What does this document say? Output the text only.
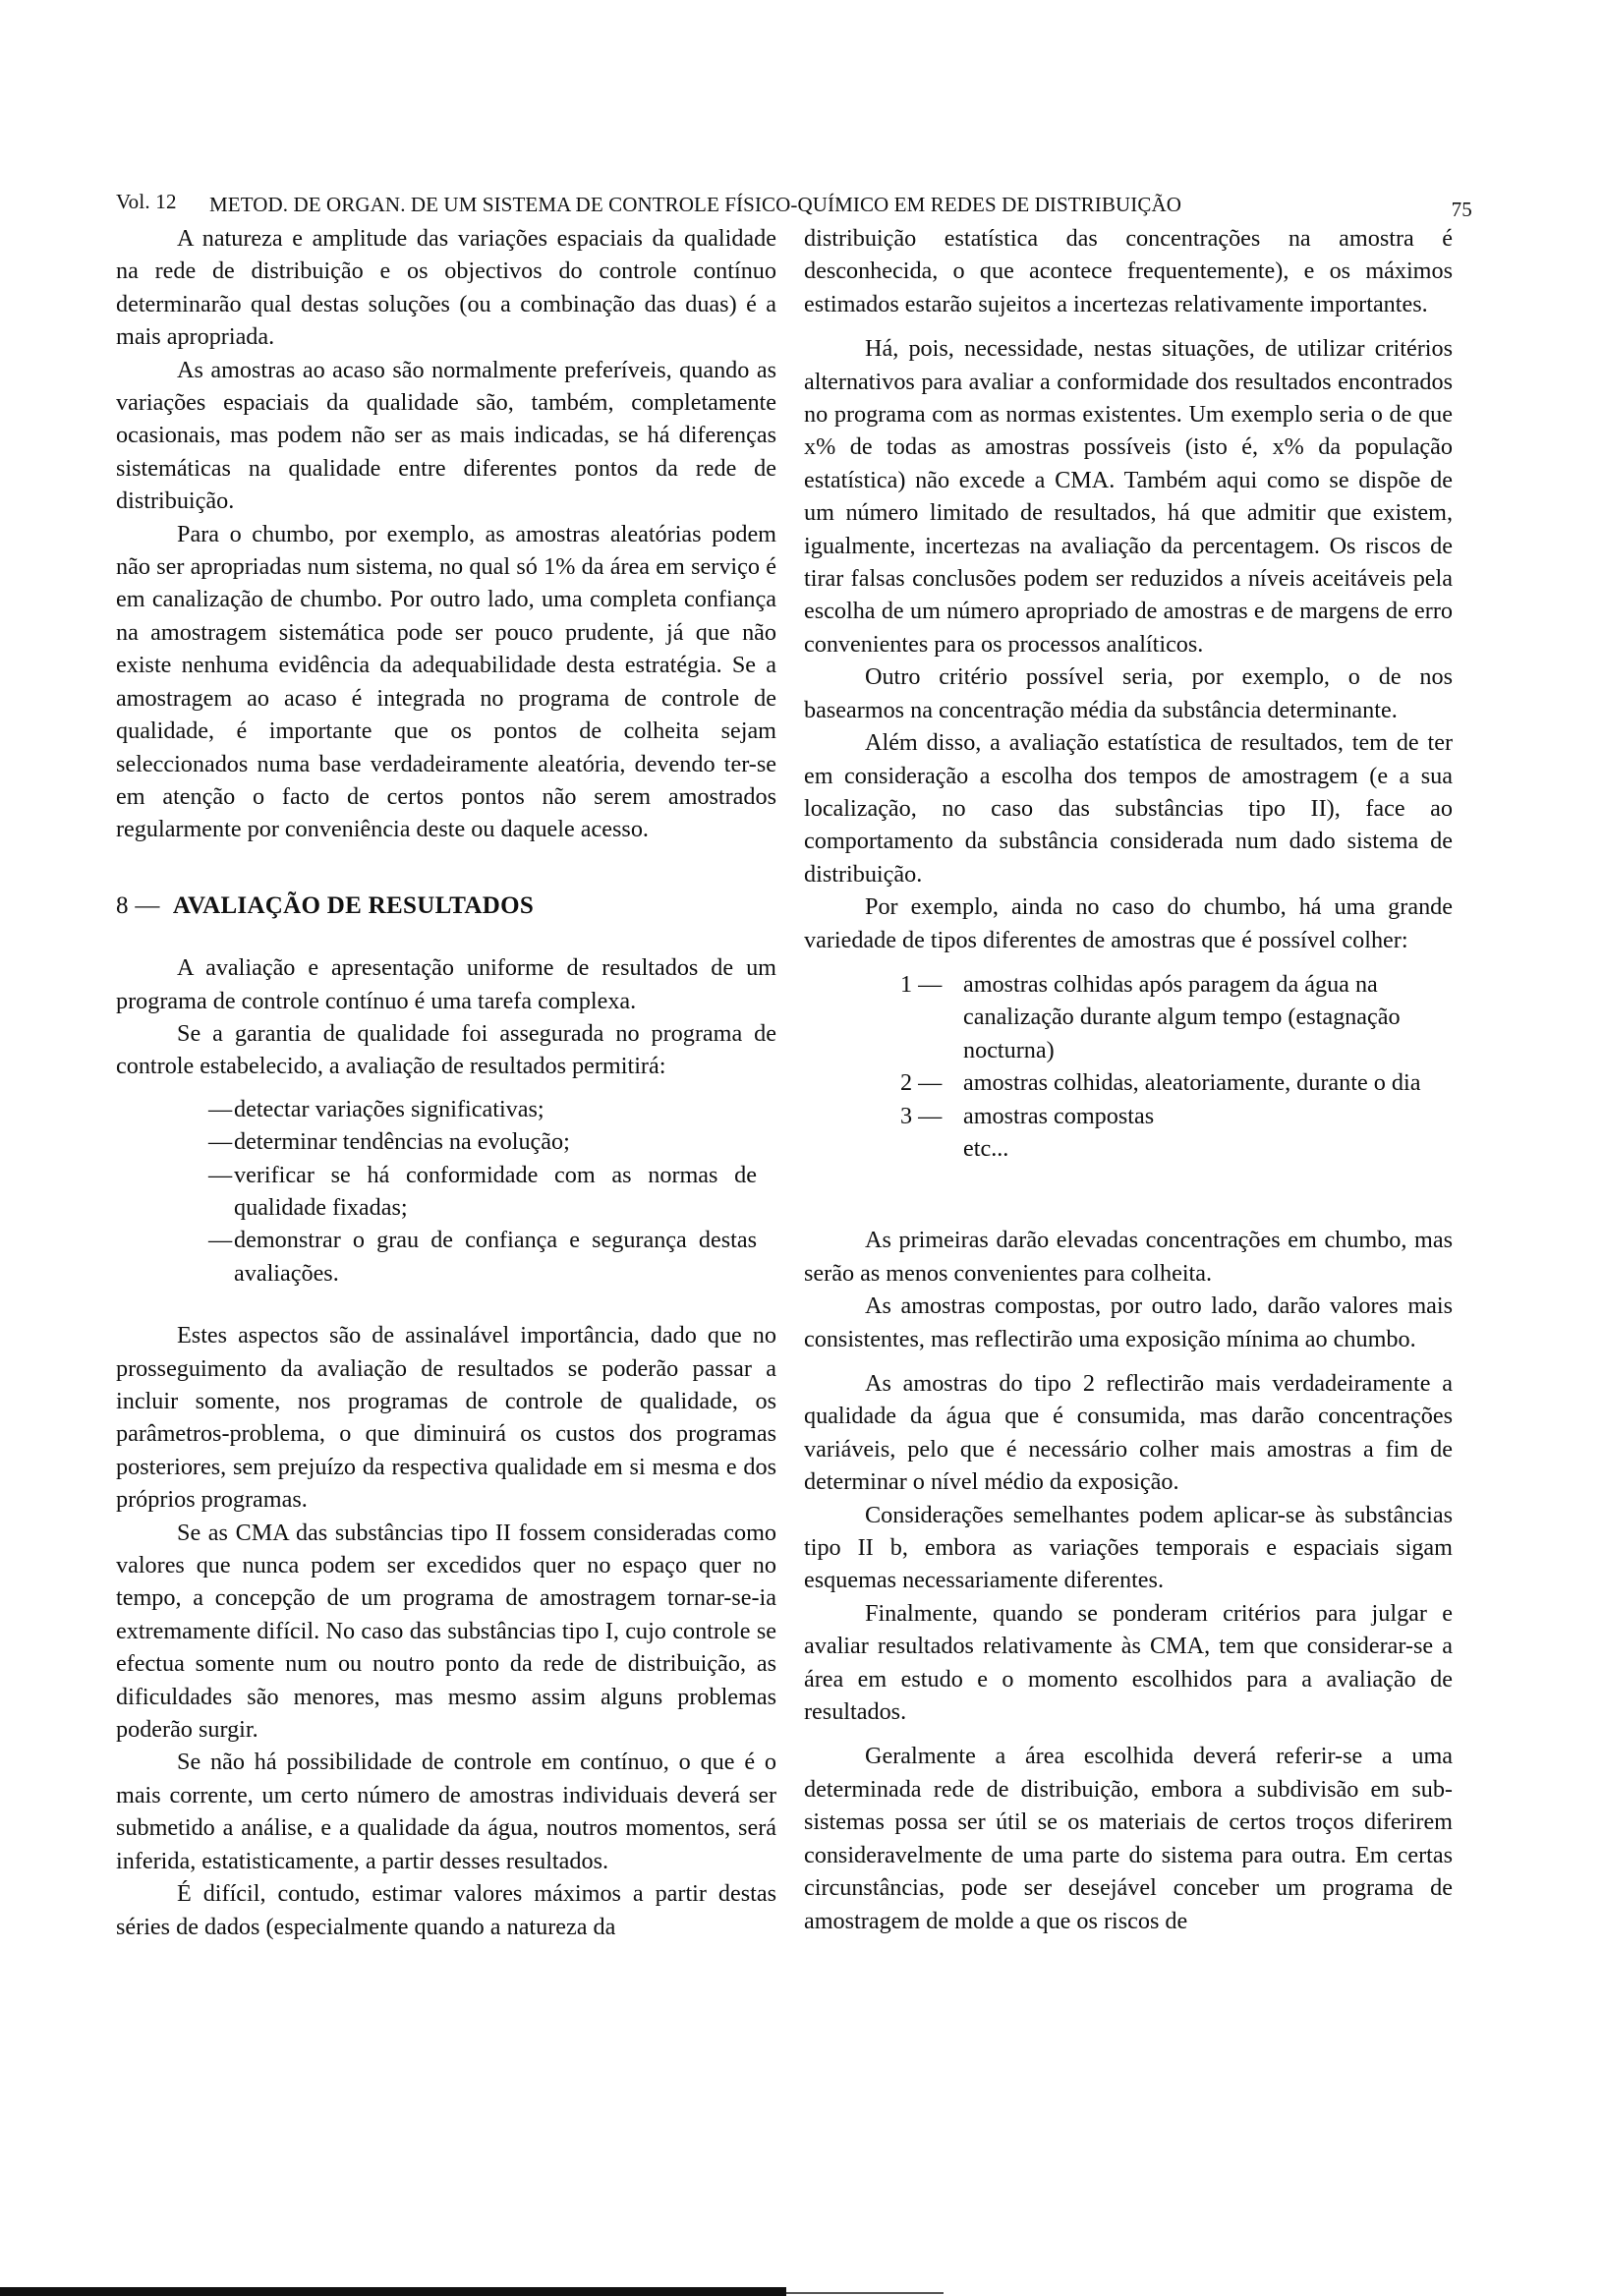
Vol. 12 METOD. DE ORGAN. DE UM SISTEMA DE CONTROLE FÍSICO-QUÍMICO EM REDES DE DISTRIBUIÇÃO	75

A natureza e amplitude das variações espaciais da qualidade na rede de distribuição e os objectivos do controle contínuo determinarão qual destas soluções (ou a combinação das duas) é a mais apropriada.

As amostras ao acaso são normalmente preferíveis, quando as variações espaciais da qualidade são, também, completamente ocasionais, mas podem não ser as mais indicadas, se há diferenças sistemáticas na qualidade entre diferentes pontos da rede de distribuição.

Para o chumbo, por exemplo, as amostras aleatórias podem não ser apropriadas num sistema, no qual só 1% da área em serviço é em canalização de chumbo. Por outro lado, uma completa confiança na amostragem sistemática pode ser pouco prudente, já que não existe nenhuma evidência da adequabilidade desta estratégia. Se a amostragem ao acaso é integrada no programa de controle de qualidade, é importante que os pontos de colheita sejam seleccionados numa base verdadeiramente aleatória, devendo ter-se em atenção o facto de certos pontos não serem amostrados regularmente por conveniência deste ou daquele acesso.

8 — AVALIAÇÃO DE RESULTADOS

A avaliação e apresentação uniforme de resultados de um programa de controle contínuo é uma tarefa complexa.

Se a garantia de qualidade foi assegurada no programa de controle estabelecido, a avaliação de resultados permitirá:

— detectar variações significativas;
— determinar tendências na evolução;
— verificar se há conformidade com as normas de qualidade fixadas;
— demonstrar o grau de confiança e segurança destas avaliações.

Estes aspectos são de assinalável importância, dado que no prosseguimento da avaliação de resultados se poderão passar a incluir somente, nos programas de controle de qualidade, os parâmetros-problema, o que diminuirá os custos dos programas posteriores, sem prejuízo da respectiva qualidade em si mesma e dos próprios programas.

Se as CMA das substâncias tipo II fossem consideradas como valores que nunca podem ser excedidos quer no espaço quer no tempo, a concepção de um programa de amostragem tornar-se-ia extremamente difícil. No caso das substâncias tipo I, cujo controle se efectua somente num ou noutro ponto da rede de distribuição, as dificuldades são menores, mas mesmo assim alguns problemas poderão surgir.

Se não há possibilidade de controle em contínuo, o que é o mais corrente, um certo número de amostras individuais deverá ser submetido a análise, e a qualidade da água, noutros momentos, será inferida, estatisticamente, a partir desses resultados.

É difícil, contudo, estimar valores máximos a partir destas séries de dados (especialmente quando a natureza da

distribuição estatística das concentrações na amostra é desconhecida, o que acontece frequentemente), e os máximos estimados estarão sujeitos a incertezas relativamente importantes.

Há, pois, necessidade, nestas situações, de utilizar critérios alternativos para avaliar a conformidade dos resultados encontrados no programa com as normas existentes. Um exemplo seria o de que x% de todas as amostras possíveis (isto é, x% da população estatística) não excede a CMA. Também aqui como se dispõe de um número limitado de resultados, há que admitir que existem, igualmente, incertezas na avaliação da percentagem. Os riscos de tirar falsas conclusões podem ser reduzidos a níveis aceitáveis pela escolha de um número apropriado de amostras e de margens de erro convenientes para os processos analíticos.

Outro critério possível seria, por exemplo, o de nos basearmos na concentração média da substância determinante.

Além disso, a avaliação estatística de resultados, tem de ter em consideração a escolha dos tempos de amostragem (e a sua localização, no caso das substâncias tipo II), face ao comportamento da substância considerada num dado sistema de distribuição.

Por exemplo, ainda no caso do chumbo, há uma grande variedade de tipos diferentes de amostras que é possível colher:

1 — amostras colhidas após paragem da água na canalização durante algum tempo (estagnação nocturna)
2 — amostras colhidas, aleatoriamente, durante o dia
3 — amostras compostas
etc...

As primeiras darão elevadas concentrações em chumbo, mas serão as menos convenientes para colheita.

As amostras compostas, por outro lado, darão valores mais consistentes, mas reflectirão uma exposição mínima ao chumbo.

As amostras do tipo 2 reflectirão mais verdadeiramente a qualidade da água que é consumida, mas darão concentrações variáveis, pelo que é necessário colher mais amostras a fim de determinar o nível médio da exposição.

Considerações semelhantes podem aplicar-se às substâncias tipo II b, embora as variações temporais e espaciais sigam esquemas necessariamente diferentes.

Finalmente, quando se ponderam critérios para julgar e avaliar resultados relativamente às CMA, tem que considerar-se a área em estudo e o momento escolhidos para a avaliação de resultados.

Geralmente a área escolhida deverá referir-se a uma determinada rede de distribuição, embora a subdivisão em sub-sistemas possa ser útil se os materiais de certos troços diferirem consideravelmente de uma parte do sistema para outra. Em certas circunstâncias, pode ser desejável conceber um programa de amostragem de molde a que os riscos de
